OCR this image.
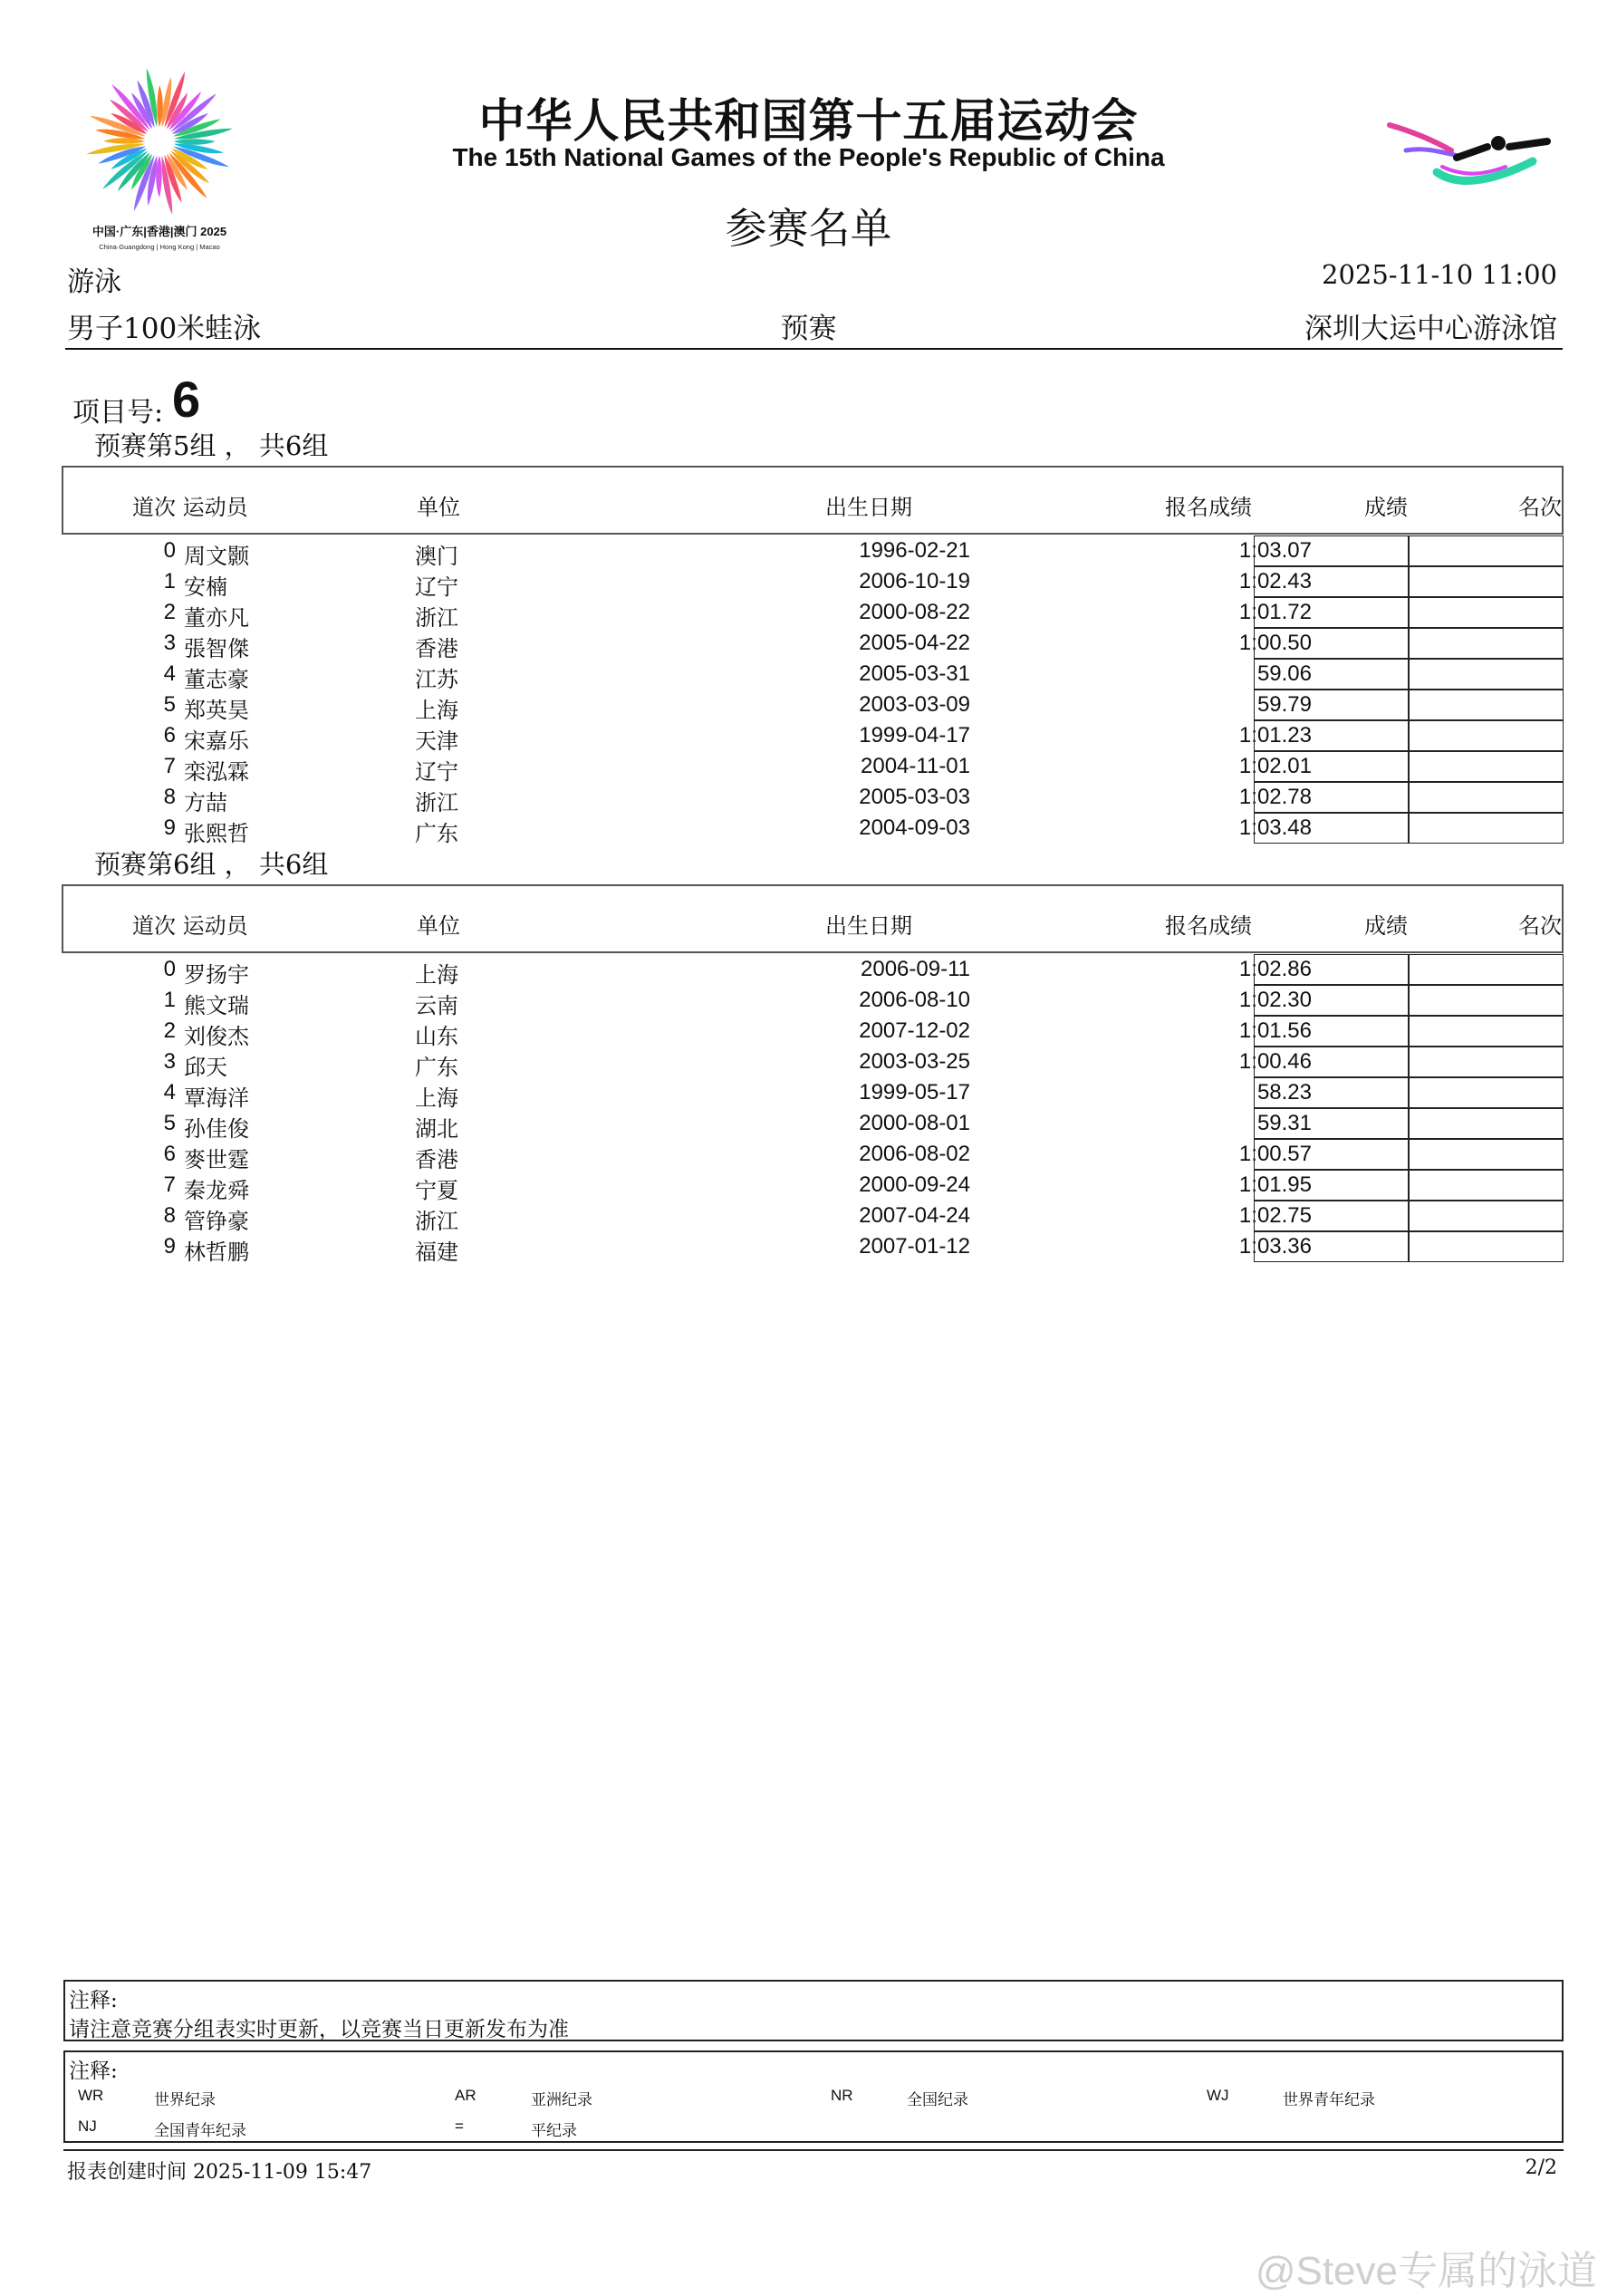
中国·广东|香港|澳门 2025
China·Guangdong | Hong Kong | Macao
中华人民共和国第十五届运动会
The 15th National Games of the People's Republic of China
参赛名单
游泳	2025-11-10 11:00
男子100米蛙泳	预赛	深圳大运中心游泳馆
项目号: 6
预赛第5组 ， 共6组
道次 运动员	单位	出生日期	报名成绩	成绩	名次
0 周文颢	澳门	1996-02-21	1:03.07
1 安楠	辽宁	2006-10-19	1:02.43
2 董亦凡	浙江	2000-08-22	1:01.72
3 張智傑	香港	2005-04-22	1:00.50
4 董志豪	江苏	2005-03-31	59.06
5 郑英昊	上海	2003-03-09	59.79
6 宋嘉乐	天津	1999-04-17	1:01.23
7 栾泓霖	辽宁	2004-11-01	1:02.01
8 方喆	浙江	2005-03-03	1:02.78
9 张熙哲	广东	2004-09-03	1:03.48
预赛第6组 ， 共6组
道次 运动员	单位	出生日期	报名成绩	成绩	名次
0 罗扬宇	上海	2006-09-11	1:02.86
1 熊文瑞	云南	2006-08-10	1:02.30
2 刘俊杰	山东	2007-12-02	1:01.56
3 邱天	广东	2003-03-25	1:00.46
4 覃海洋	上海	1999-05-17	58.23
5 孙佳俊	湖北	2000-08-01	59.31
6 麥世霆	香港	2006-08-02	1:00.57
7 秦龙舜	宁夏	2000-09-24	1:01.95
8 管铮豪	浙江	2007-04-24	1:02.75
9 林哲鹏	福建	2007-01-12	1:03.36
注释:
请注意竞赛分组表实时更新，以竞赛当日更新发布为准
注释:
WR	世界纪录	AR	亚洲纪录	NR	全国纪录	WJ	世界青年纪录
NJ	全国青年纪录	=	平纪录
报表创建时间 2025-11-09 15:47	2/2
@Steve专属的泳道
